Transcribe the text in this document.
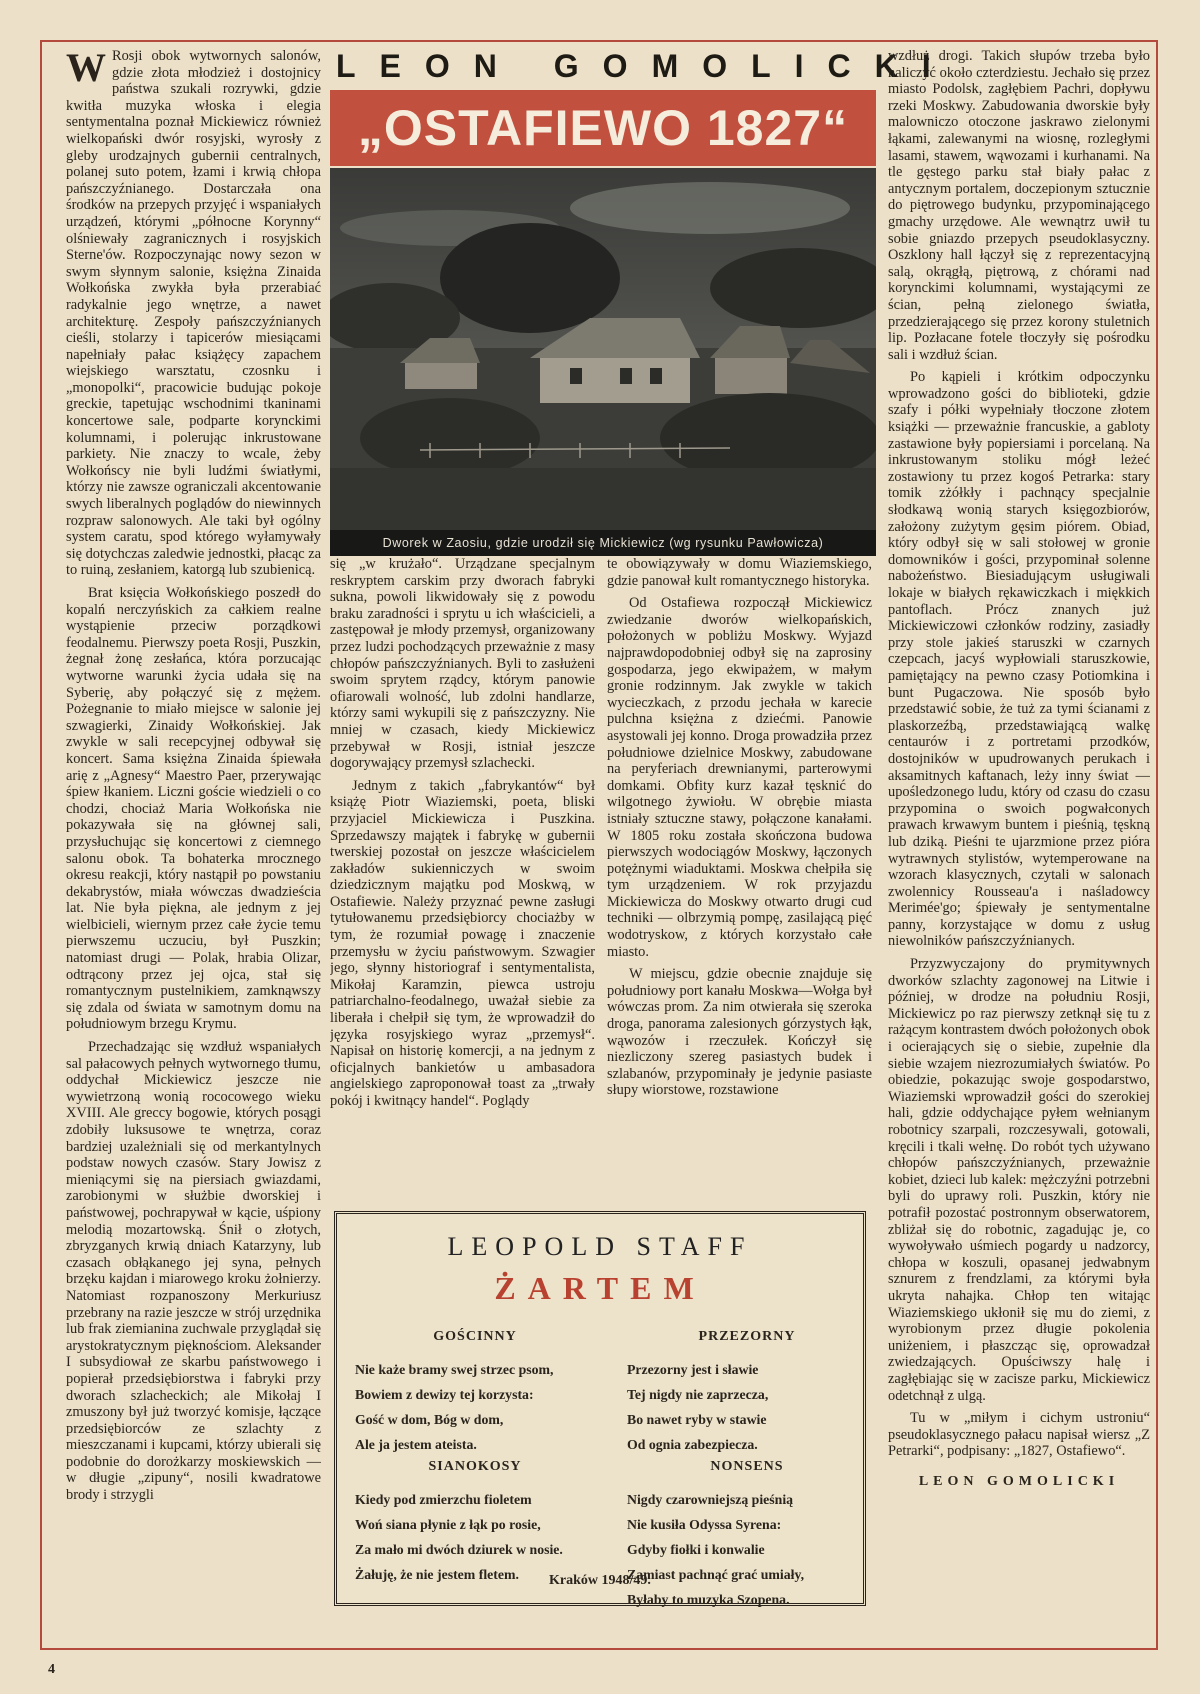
W Rosji obok wytwornych salonów, gdzie złota młodzież i dostojnicy państwa szukali rozrywki, gdzie kwitła muzyka włoska i elegia sentymentalna poznał Mickiewicz również wielkopański dwór rosyjski, wyrosły z gleby urodzajnych gubernii centralnych, polanej suto potem, łzami i krwią chłopa pańszczyźnianego. Dostarczała ona środków na przepych przyjęć i wspaniałych urządzeń, którymi „północne Korynny“ olśniewały zagranicznych i rosyjskich Sterne'ów. Rozpoczynając nowy sezon w swym słynnym salonie, księżna Zinaida Wołkońska zwykła była przerabiać radykalnie jego wnętrze, a nawet architekturę. Zespoły pańszczyźnianych cieśli, stolarzy i tapicerów miesiącami napełniały pałac książęcy zapachem wiejskiego warsztatu, czosnku i „monopolki“, pracowicie budując pokoje greckie, tapetując wschodnimi tkaninami koncertowe sale, podparte korynckimi kolumnami, i polerując inkrustowane parkiety. Nie znaczy to wcale, żeby Wołkońscy nie byli ludźmi światłymi, którzy nie zawsze ograniczali akcentowanie swych liberalnych poglądów do niewinnych rozpraw salonowych. Ale taki był ogólny system caratu, spod którego wyłamywały się dotychczas zaledwie jednostki, płacąc za to ruiną, zesłaniem, katorgą lub szubienicą.

Brat księcia Wołkońskiego poszedł do kopalń nerczyńskich za całkiem realne wystąpienie przeciw porządkowi feodalnemu. Pierwszy poeta Rosji, Puszkin, żegnał żonę zesłańca, która porzucając wytworne warunki życia udała się na Syberię, aby połączyć się z mężem. Pożegnanie to miało miejsce w salonie jej szwagierki, Zinaidy Wołkońskiej. Jak zwykle w sali recepcyjnej odbywał się koncert. Sama księżna Zinaida śpiewała arię z „Agnesy“ Maestro Paer, przerywając śpiew łkaniem. Liczni goście wiedzieli o co chodzi, chociaż Maria Wołkońska nie pokazywała się na głównej sali, przysłuchując się koncertowi z ciemnego salonu obok. Ta bohaterka mrocznego okresu reakcji, który nastąpił po powstaniu dekabrystów, miała wówczas dwadzieścia lat. Nie była piękna, ale jednym z jej wielbicieli, wiernym przez całe życie temu pierwszemu uczuciu, był Puszkin; natomiast drugi — Polak, hrabia Olizar, odtrącony przez jej ojca, stał się romantycznym pustelnikiem, zamknąwszy się zdala od świata w samotnym domu na południowym brzegu Krymu.

Przechadzając się wzdłuż wspaniałych sal pałacowych pełnych wytwornego tłumu, oddychał Mickiewicz jeszcze nie wywietrzoną wonią rococowego wieku XVIII. Ale greccy bogowie, których posągi zdobiły luksusowe te wnętrza, coraz bardziej uzależniali się od merkantylnych podstaw nowych czasów. Stary Jowisz z mieniącymi się na piersiach gwiazdami, zarobionymi w służbie dworskiej i państwowej, pochrapywał w kącie, uśpiony melodią mozartowską. Śnił o złotych, zbryzganych krwią dniach Katarzyny, lub czasach obłąkanego jej syna, pełnych brzęku kajdan i miarowego kroku żołnierzy. Natomiast rozpanoszony Merkuriusz przebrany na razie jeszcze w strój urzędnika lub frak ziemianina zuchwale przyglądał się arystokratycznym pięknościom. Aleksander I subsydiował ze skarbu państwowego i popierał przedsiębiorstwa i fabryki przy dworach szlacheckich; ale Mikołaj I zmuszony był już tworzyć komisje, łączące przedsiębiorców ze szlachty z mieszczanami i kupcami, którzy ubierali się podobnie do dorożkarzy moskiewskich — w długie „zipuny“, nosili kwadratowe brody i strzygli

LEON GOMOLICKI
„OSTAFIEWO 1827“
Dworek w Zaosiu, gdzie urodził się Mickiewicz (wg rysunku Pawłowicza)

się „w krużało“. Urządzane specjalnym reskryptem carskim przy dworach fabryki sukna, powoli likwidowały się z powodu braku zaradności i sprytu u ich właścicieli, a zastępował je młody przemysł, organizowany przez ludzi pochodzących przeważnie z masy chłopów pańszczyźnianych. Byli to zasłużeni swoim sprytem rządcy, którym panowie ofiarowali wolność, lub zdolni handlarze, którzy sami wykupili się z pańszczyzny. Nie mniej w czasach, kiedy Mickiewicz przebywał w Rosji, istniał jeszcze dogorywający przemysł szlachecki.

Jednym z takich „fabrykantów“ był książę Piotr Wiaziemski, poeta, bliski przyjaciel Mickiewicza i Puszkina. Sprzedawszy majątek i fabrykę w gubernii twerskiej pozostał on jeszcze właścicielem zakładów sukienniczych w swoim dziedzicznym majątku pod Moskwą, w Ostafiewie. Należy przyznać pewne zasługi tytułowanemu przedsiębiorcy chociażby w tym, że rozumiał powagę i znaczenie przemysłu w życiu państwowym. Szwagier jego, słynny historiograf i sentymentalista, Mikołaj Karamzin, piewca ustroju patriarchalno-feodalnego, uważał siebie za liberała i chełpił się tym, że wprowadził do języka rosyjskiego wyraz „przemysł“. Napisał on historię komercji, a na jednym z oficjalnych bankietów u ambasadora angielskiego zaproponował toast za „trwały pokój i kwitnący handel“. Poglądy

te obowiązywały w domu Wiaziemskiego, gdzie panował kult romantycznego historyka.

Od Ostafiewa rozpoczął Mickiewicz zwiedzanie dworów wielkopańskich, położonych w pobliżu Moskwy. Wyjazd najprawdopodobniej odbył się na zaprosiny gospodarza, jego ekwipażem, w małym gronie rodzinnym. Jak zwykle w takich wycieczkach, z przodu jechała w karecie pulchna księżna z dziećmi. Panowie asystowali jej konno. Droga prowadziła przez południowe dzielnice Moskwy, zabudowane na peryferiach drewnianymi, parterowymi domkami. Obfity kurz kazał tęsknić do wilgotnego żywiołu. W obrębie miasta istniały sztuczne stawy, połączone kanałami. W 1805 roku została skończona budowa pierwszych wodociągów Moskwy, łączonych potężnymi wiaduktami. Moskwa chełpiła się tym urządzeniem. W rok przyjazdu Mickiewicza do Moskwy otwarto drugi cud techniki — olbrzymią pompę, zasilającą pięć wodotryskow, z których korzystało całe miasto.

W miejscu, gdzie obecnie znajduje się południowy port kanału Moskwa—Wołga był wówczas prom. Za nim otwierała się szeroka droga, panorama zalesionych górzystych łąk, wąwozów i rzeczułek. Kończył się niezliczony szereg pasiastych budek i szlabanów, przypominały je jedynie pasiaste słupy wiorstowe, rozstawione

wzdłuż drogi. Takich słupów trzeba było naliczyć około czterdziestu. Jechało się przez miasto Podolsk, zagłębiem Pachri, dopływu rzeki Moskwy. Zabudowania dworskie były malowniczo otoczone jaskrawo zielonymi łąkami, zalewanymi na wiosnę, rozległymi lasami, stawem, wąwozami i kurhanami. Na tle gęstego parku stał biały pałac z antycznym portalem, doczepionym sztucznie do piętrowego budynku, przypominającego gmachy urzędowe. Ale wewnątrz uwił tu sobie gniazdo przepych pseudoklasyczny. Oszklony hall łączył się z reprezentacyjną salą, okrągłą, piętrową, z chórami nad korynckimi kolumnami, wystającymi ze ścian, pełną zielonego światła, przedzierającego się przez korony stuletnich lip. Pozłacane fotele tłoczyły się pośrodku sali i wzdłuż ścian.

Po kąpieli i krótkim odpoczynku wprowadzono gości do biblioteki, gdzie szafy i półki wypełniały tłoczone złotem książki — przeważnie francuskie, a gabloty zastawione były popiersiami i porcelaną. Na inkrustowanym stoliku mógł leżeć zostawiony tu przez kogoś Petrarka: stary tomik zżółkły i pachnący specjalnie słodkawą wonią starych księgozbiorów, założony zużytym gęsim piórem. Obiad, który odbył się w sali stołowej w gronie domowników i gości, przypominał solenne nabożeństwo. Biesiadującym usługiwali lokaje w białych rękawiczkach i miękkich pantoflach. Prócz znanych już Mickiewiczowi członków rodziny, zasiadły przy stole jakieś staruszki w czarnych czepcach, jacyś wypłowiali staruszkowie, pamiętający na pewno czasy Potiomkina i bunt Pugaczowa. Nie sposób było przedstawić sobie, że tuż za tymi ścianami z plaskorzeźbą, przedstawiającą walkę centaurów i z portretami przodków, dostojników w upudrowanych perukach i aksamitnych kaftanach, leży inny świat — upośledzonego ludu, który od czasu do czasu przypomina o swoich pogwałconych prawach krwawym buntem i pieśnią, tęskną lub dziką. Pieśni te ujarzmione przez pióra wytrawnych stylistów, wytemperowane na wzorach klasycznych, czytali w salonach zwolennicy Rousseau'a i naśladowcy Merimée'go; śpiewały je sentymentalne panny, korzystające w domu z usług niewolników pańszczyźnianych.

Przyzwyczajony do prymitywnych dworków szlachty zagonowej na Litwie i później, w drodze na południu Rosji, Mickiewicz po raz pierwszy zetknął się tu z rażącym kontrastem dwóch położonych obok i ocierających się o siebie, zupełnie dla siebie wzajem niezrozumiałych światów. Po obiedzie, pokazując swoje gospodarstwo, Wiaziemski wprowadził gości do szerokiej hali, gdzie oddychające pyłem wełnianym robotnicy szarpali, rozczesywali, gotowali, kręcili i tkali wełnę. Do robót tych używano chłopów pańszczyźnianych, przeważnie kobiet, dzieci lub kalek: mężczyźni potrzebni byli do uprawy roli. Puszkin, który nie potrafił pozostać postronnym obserwatorem, zbliżał się do robotnic, zagadując je, co wywoływało uśmiech pogardy u nadzorcy, chłopa w koszuli, opasanej jedwabnym sznurem z frendzlami, za którymi była ukryta nahajka. Chłop ten witając Wiaziemskiego ukłonił się mu do ziemi, z wyrobionym przez długie pokolenia uniżeniem, i płaszcząc się, oprowadzał zwiedzających. Opuściwszy halę i zagłębiając się w zacisze parku, Mickiewicz odetchnął z ulgą.

Tu w „miłym i cichym ustroniu“ pseudoklasycznego pałacu napisał wiersz „Z Petrarki“, podpisany: „1827, Ostafiewo“.

LEON GOMOLICKI
LEOPOLD STAFF
ŻARTEM
GOŚCINNY
Nie każe bramy swej strzec psom,
Bowiem z dewizy tej korzysta:
Gość w dom, Bóg w dom,
Ale ja jestem ateista.
PRZEZORNY
Przezorny jest i sławie
Tej nigdy nie zaprzecza,
Bo nawet ryby w stawie
Od ognia zabezpiecza.
SIANOKOSY
Kiedy pod zmierzchu fioletem
Woń siana płynie z łąk po rosie,
Za mało mi dwóch dziurek w nosie.
Żałuję, że nie jestem fletem.
NONSENS
Nigdy czarowniejszą pieśnią
Nie kusiła Odyssa Syrena:
Gdyby fiołki i konwalie
Zamiast pachnąć grać umiały,
Byłaby to muzyka Szopena.
Kraków 1948/49.
4
